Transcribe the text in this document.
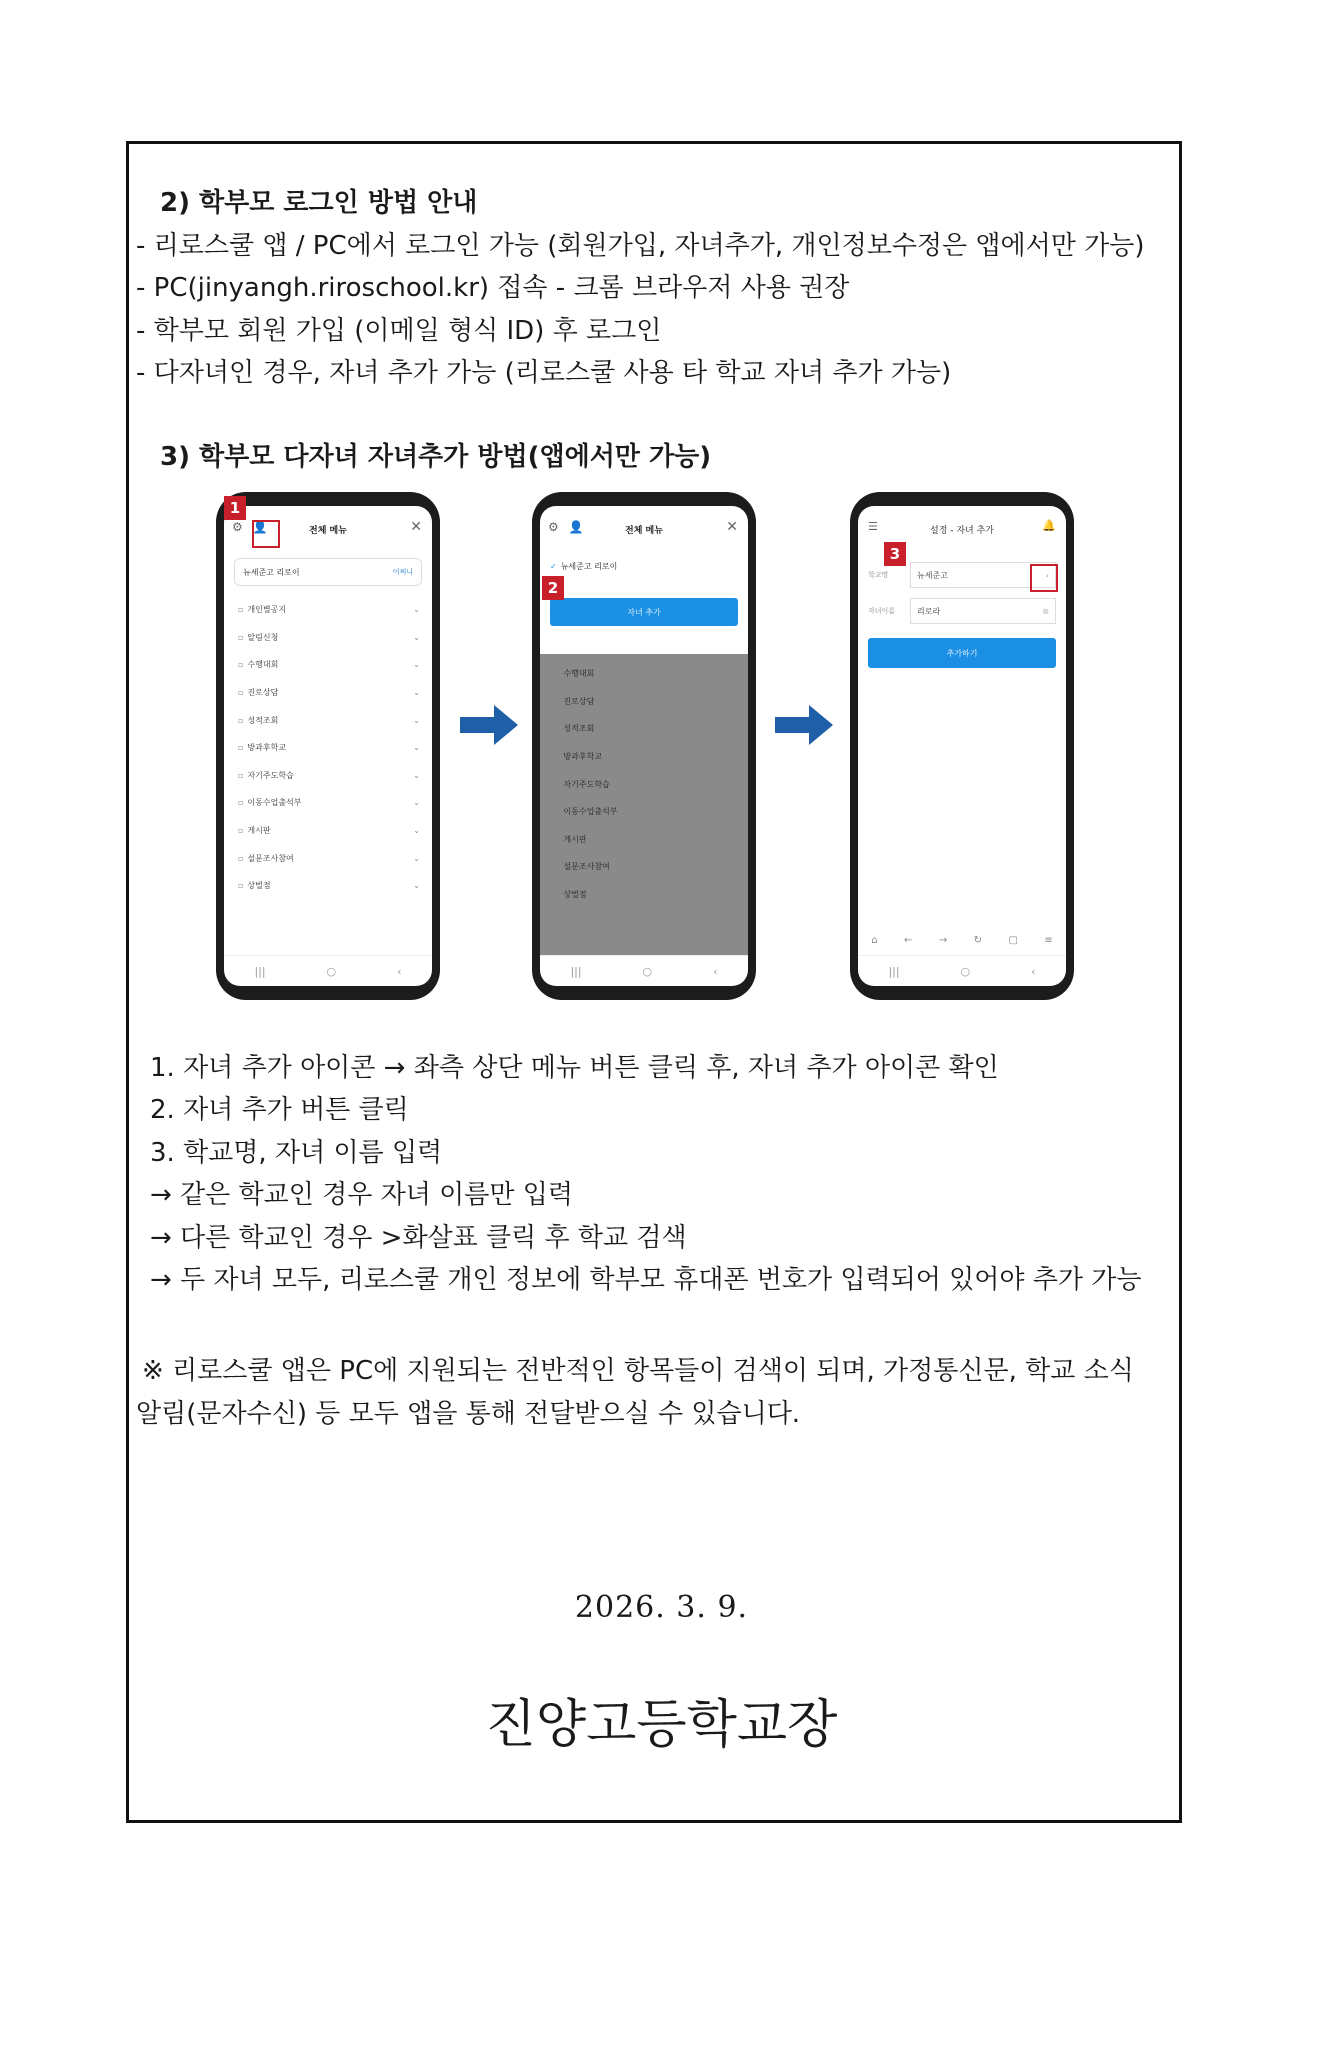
2) 학부모 로그인 방법 안내
- 리로스쿨 앱 / PC에서 로그인 가능 (회원가입, 자녀추가, 개인정보수정은 앱에서만 가능)
- PC(jinyangh.riroschool.kr) 접속 - 크롬 브라우저 사용 권장
- 학부모 회원 가입 (이메일 형식 ID) 후 로그인
- 다자녀인 경우, 자녀 추가 가능 (리로스쿨 사용 타 학교 자녀 추가 가능)
3) 학부모 다자녀 자녀추가 방법(앱에서만 가능)
⚙ 👤	전체 메뉴	✕
뉴세준고 리로이	어쩌니
▫ 개인별공지	⌄
▫ 알림신청	⌄
▫ 수행대회	⌄
▫ 진로상담	⌄
▫ 성적조회	⌄
▫ 방과후학교	⌄
▫ 자기주도학습	⌄
▫ 이동수업출석부	⌄
▫ 게시판	⌄
▫ 설문조사참여	⌄
▫ 상벌점	⌄
|||	○	‹
1
⚙ 👤	전체 메뉴	✕
✓ 뉴세준고 리로이
자녀 추가
▫ 수행대회	⌄
▫ 진로상담	⌄
▫ 성적조회	⌄
▫ 방과후학교	⌄
▫ 자기주도학습	⌄
▫ 이동수업출석부	⌄
▫ 게시판	⌄
▫ 설문조사참여	⌄
▫ 상벌점	⌄
|||	○	‹
2
☰	설정 - 자녀 추가	🔔
학교명	뉴세준고	›
자녀이름	리로라	⊗
추가하기
⌂	←	→	↻	▢	≡
|||	○	‹
3
1. 자녀 추가 아이콘 → 좌측 상단 메뉴 버튼 클릭 후, 자녀 추가 아이콘 확인
2. 자녀 추가 버튼 클릭
3. 학교명, 자녀 이름 입력
→ 같은 학교인 경우 자녀 이름만 입력
→ 다른 학교인 경우 >화살표 클릭 후 학교 검색
→ 두 자녀 모두, 리로스쿨 개인 정보에 학부모 휴대폰 번호가 입력되어 있어야 추가 가능
※ 리로스쿨 앱은 PC에 지원되는 전반적인 항목들이 검색이 되며, 가정통신문, 학교 소식
알림(문자수신) 등 모두 앱을 통해 전달받으실 수 있습니다.
2026. 3. 9.
진양고등학교장
